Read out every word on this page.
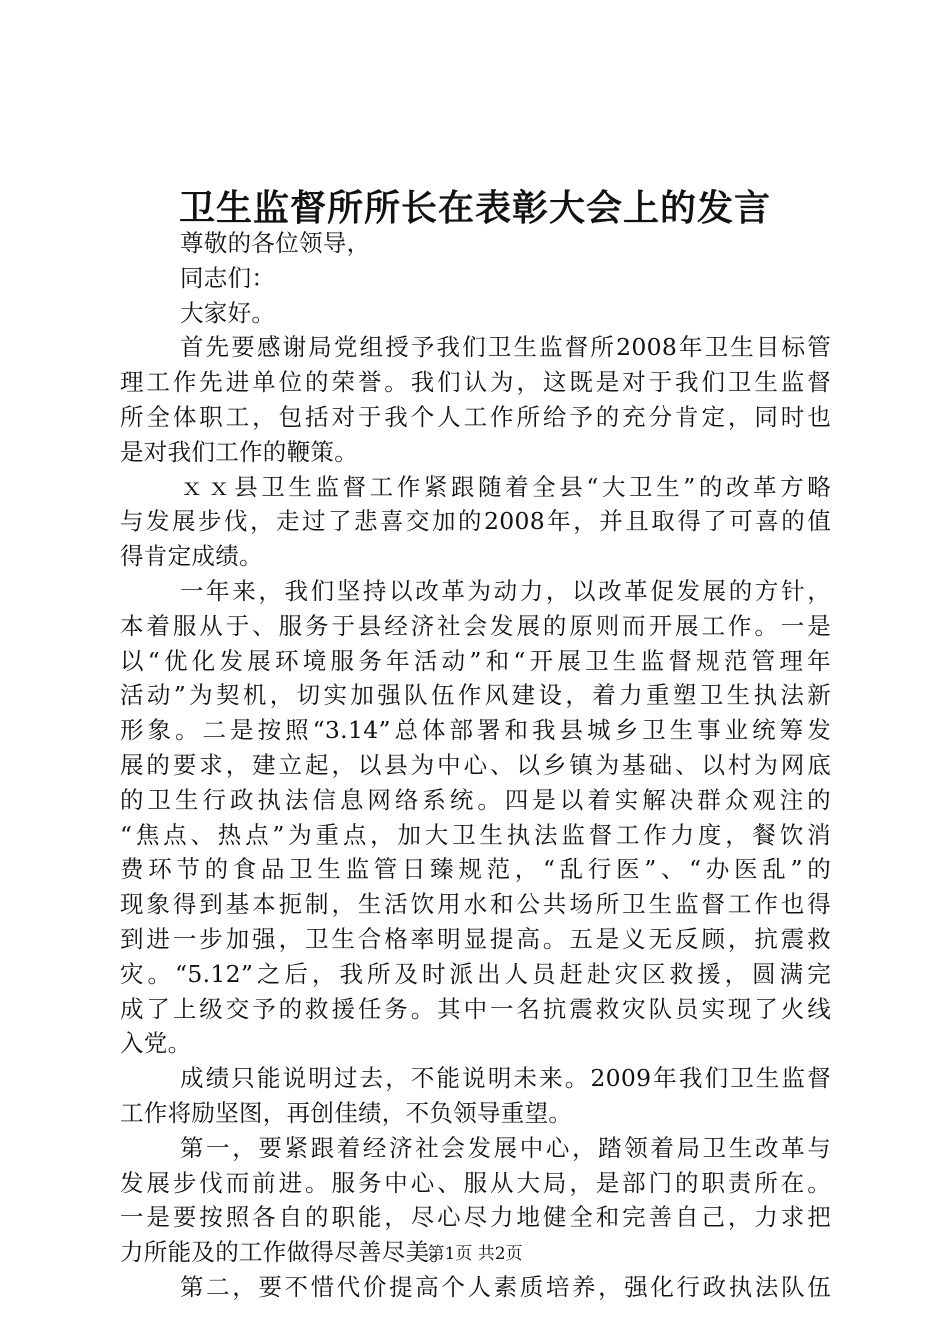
卫生监督所所长在表彰大会上的发言
尊敬的各位领导，
同志们：
大家好。
首先要感谢局党组授予我们卫生监督所2008年卫生目标管
理工作先进单位的荣誉。我们认为，这既是对于我们卫生监督
所全体职工，包括对于我个人工作所给予的充分肯定，同时也
是对我们工作的鞭策。
ｘｘ县卫生监督工作紧跟随着全县“大卫生”的改革方略
与发展步伐，走过了悲喜交加的2008年，并且取得了可喜的值
得肯定成绩。
一年来，我们坚持以改革为动力，以改革促发展的方针，
本着服从于、服务于县经济社会发展的原则而开展工作。一是
以“优化发展环境服务年活动”和“开展卫生监督规范管理年
活动”为契机，切实加强队伍作风建设，着力重塑卫生执法新
形象。二是按照“3.14”总体部署和我县城乡卫生事业统筹发
展的要求，建立起，以县为中心、以乡镇为基础、以村为网底
的卫生行政执法信息网络系统。四是以着实解决群众观注的
“焦点、热点”为重点，加大卫生执法监督工作力度，餐饮消
费环节的食品卫生监管日臻规范，“乱行医”、“办医乱”的
现象得到基本扼制，生活饮用水和公共场所卫生监督工作也得
到进一步加强，卫生合格率明显提高。五是义无反顾，抗震救
灾。“5.12”之后，我所及时派出人员赶赴灾区救援，圆满完
成了上级交予的救援任务。其中一名抗震救灾队员实现了火线
入党。
成绩只能说明过去，不能说明未来。2009年我们卫生监督
工作将励坚图，再创佳绩，不负领导重望。
第一，要紧跟着经济社会发展中心，踏领着局卫生改革与
发展步伐而前进。服务中心、服从大局，是部门的职责所在。
一是要按照各自的职能，尽心尽力地健全和完善自己，力求把
力所能及的工作做得尽善尽美。
第二，要不惜代价提高个人素质培养，强化行政执法队伍
第1页 共2页
